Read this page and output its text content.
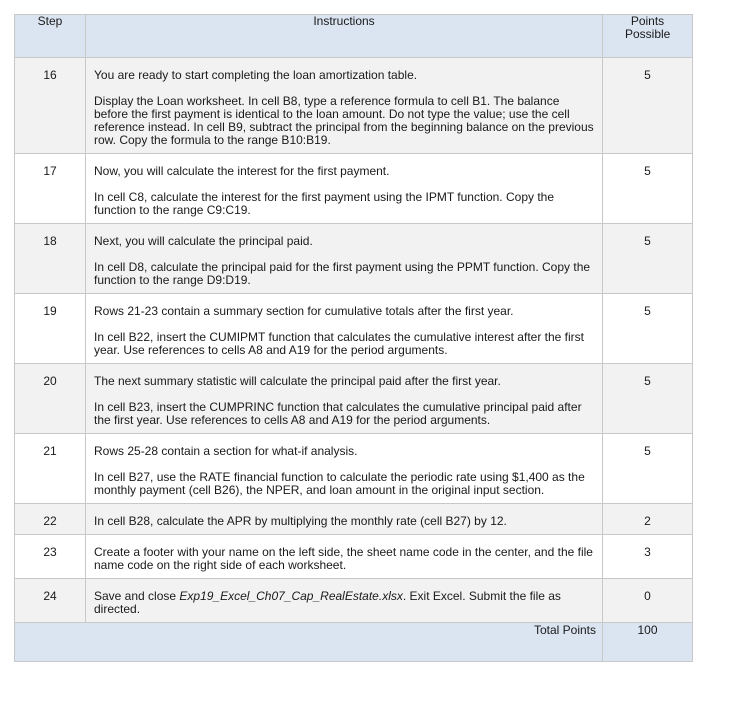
Step	Instructions	Points Possible
16	You are ready to start completing the loan amortization table.

Display the Loan worksheet. In cell B8, type a reference formula to cell B1. The balance before the first payment is identical to the loan amount. Do not type the value; use the cell reference instead. In cell B9, subtract the principal from the beginning balance on the previous row. Copy the formula to the range B10:B19.	5
17	Now, you will calculate the interest for the first payment.

In cell C8, calculate the interest for the first payment using the IPMT function. Copy the function to the range C9:C19.	5
18	Next, you will calculate the principal paid.

In cell D8, calculate the principal paid for the first payment using the PPMT function. Copy the function to the range D9:D19.	5
19	Rows 21-23 contain a summary section for cumulative totals after the first year.

In cell B22, insert the CUMIPMT function that calculates the cumulative interest after the first year. Use references to cells A8 and A19 for the period arguments.	5
20	The next summary statistic will calculate the principal paid after the first year.

In cell B23, insert the CUMPRINC function that calculates the cumulative principal paid after the first year. Use references to cells A8 and A19 for the period arguments.	5
21	Rows 25-28 contain a section for what-if analysis.

In cell B27, use the RATE financial function to calculate the periodic rate using $1,400 as the monthly payment (cell B26), the NPER, and loan amount in the original input section.	5
22	In cell B28, calculate the APR by multiplying the monthly rate (cell B27) by 12.	2
23	Create a footer with your name on the left side, the sheet name code in the center, and the file name code on the right side of each worksheet.	3
24	Save and close Exp19_Excel_Ch07_Cap_RealEstate.xlsx. Exit Excel. Submit the file as directed.	0
Total Points		100
